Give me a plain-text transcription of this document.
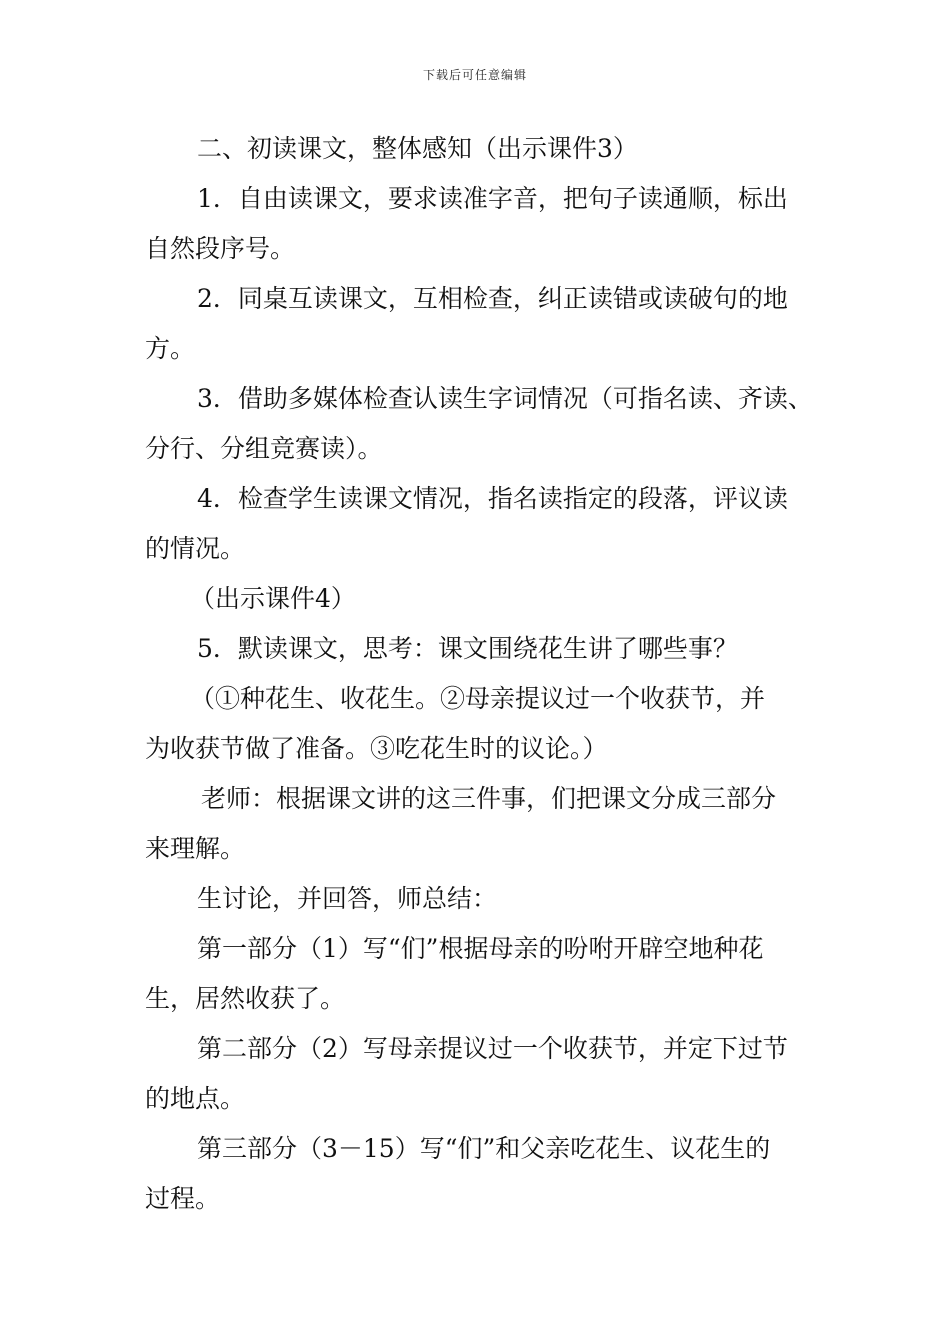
下载后可任意编辑
二、初读课文，整体感知（出示课件3）
1．自由读课文，要求读准字音，把句子读通顺，标出
自然段序号。
2．同桌互读课文，互相检查，纠正读错或读破句的地
方。
3．借助多媒体检查认读生字词情况（可指名读、齐读、
分行、分组竞赛读）。
4．检查学生读课文情况，指名读指定的段落，评议读
的情况。
（出示课件4）
5．默读课文，思考：课文围绕花生讲了哪些事？
（①种花生、收花生。②母亲提议过一个收获节，并
为收获节做了准备。③吃花生时的议论。）
老师：根据课文讲的这三件事，们把课文分成三部分
来理解。
生讨论，并回答，师总结：
第一部分（1）写“们”根据母亲的吩咐开辟空地种花
生，居然收获了。
第二部分（2）写母亲提议过一个收获节，并定下过节
的地点。
第三部分（3－15）写“们”和父亲吃花生、议花生的
过程。
